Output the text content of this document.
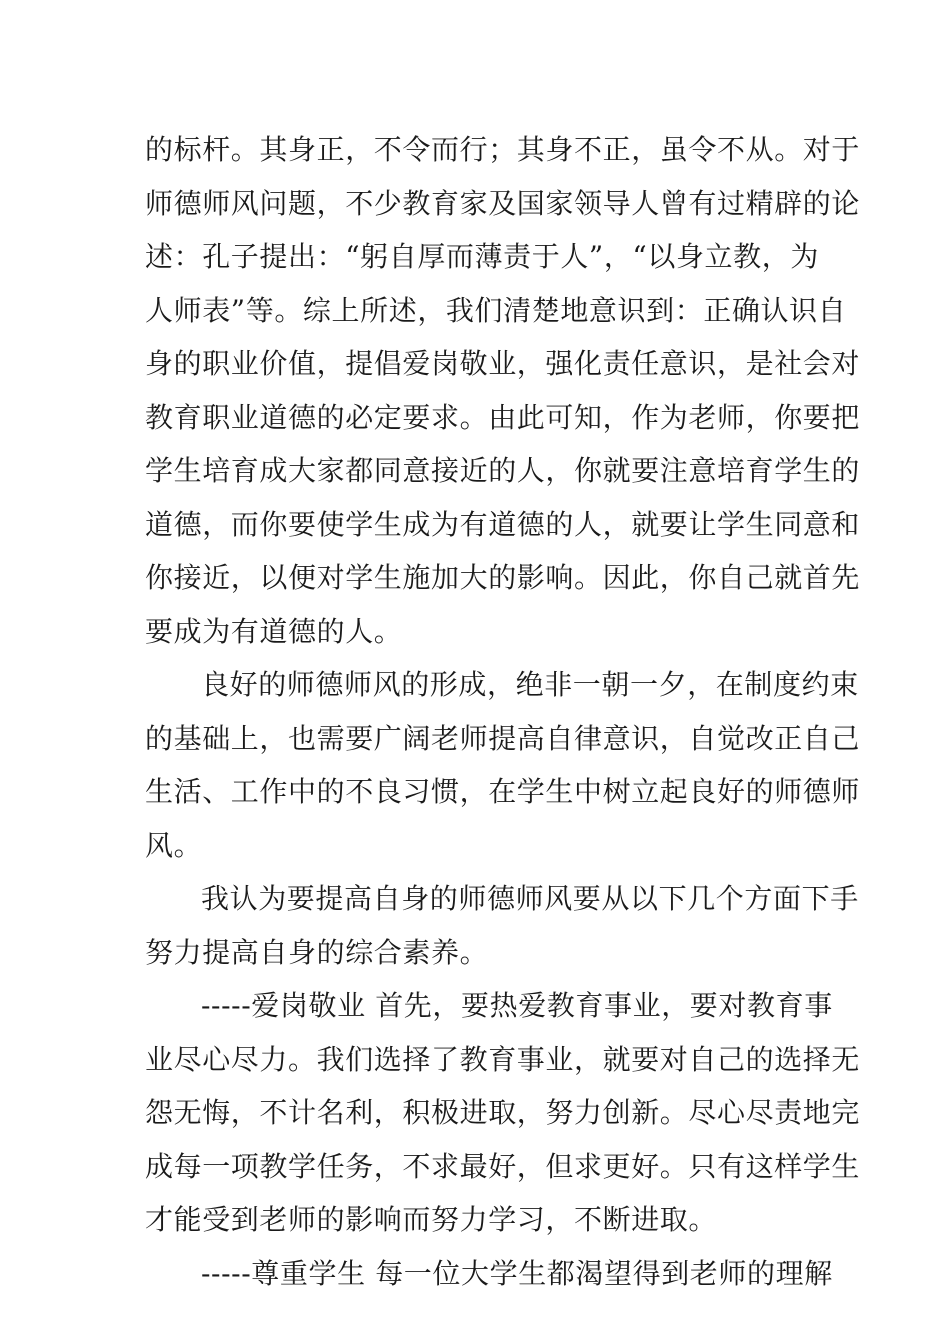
的标杆。其身正，不令而行；其身不正，虽令不从。对于
师德师风问题，不少教育家及国家领导人曾有过精辟的论
述：孔子提出：“躬自厚而薄责于人”，“以身立教，为
人师表”等。综上所述，我们清楚地意识到：正确认识自
身的职业价值，提倡爱岗敬业，强化责任意识，是社会对
教育职业道德的必定要求。由此可知，作为老师，你要把
学生培育成大家都同意接近的人，你就要注意培育学生的
道德，而你要使学生成为有道德的人，就要让学生同意和
你接近，以便对学生施加大的影响。因此，你自己就首先
要成为有道德的人。
良好的师德师风的形成，绝非一朝一夕，在制度约束
的基础上，也需要广阔老师提高自律意识，自觉改正自己
生活、工作中的不良习惯，在学生中树立起良好的师德师
风。
我认为要提高自身的师德师风要从以下几个方面下手
努力提高自身的综合素养。
-----爱岗敬业 首先，要热爱教育事业，要对教育事
业尽心尽力。我们选择了教育事业，就要对自己的选择无
怨无悔，不计名利，积极进取，努力创新。尽心尽责地完
成每一项教学任务，不求最好，但求更好。只有这样学生
才能受到老师的影响而努力学习，不断进取。
-----尊重学生 每一位大学生都渴望得到老师的理解
